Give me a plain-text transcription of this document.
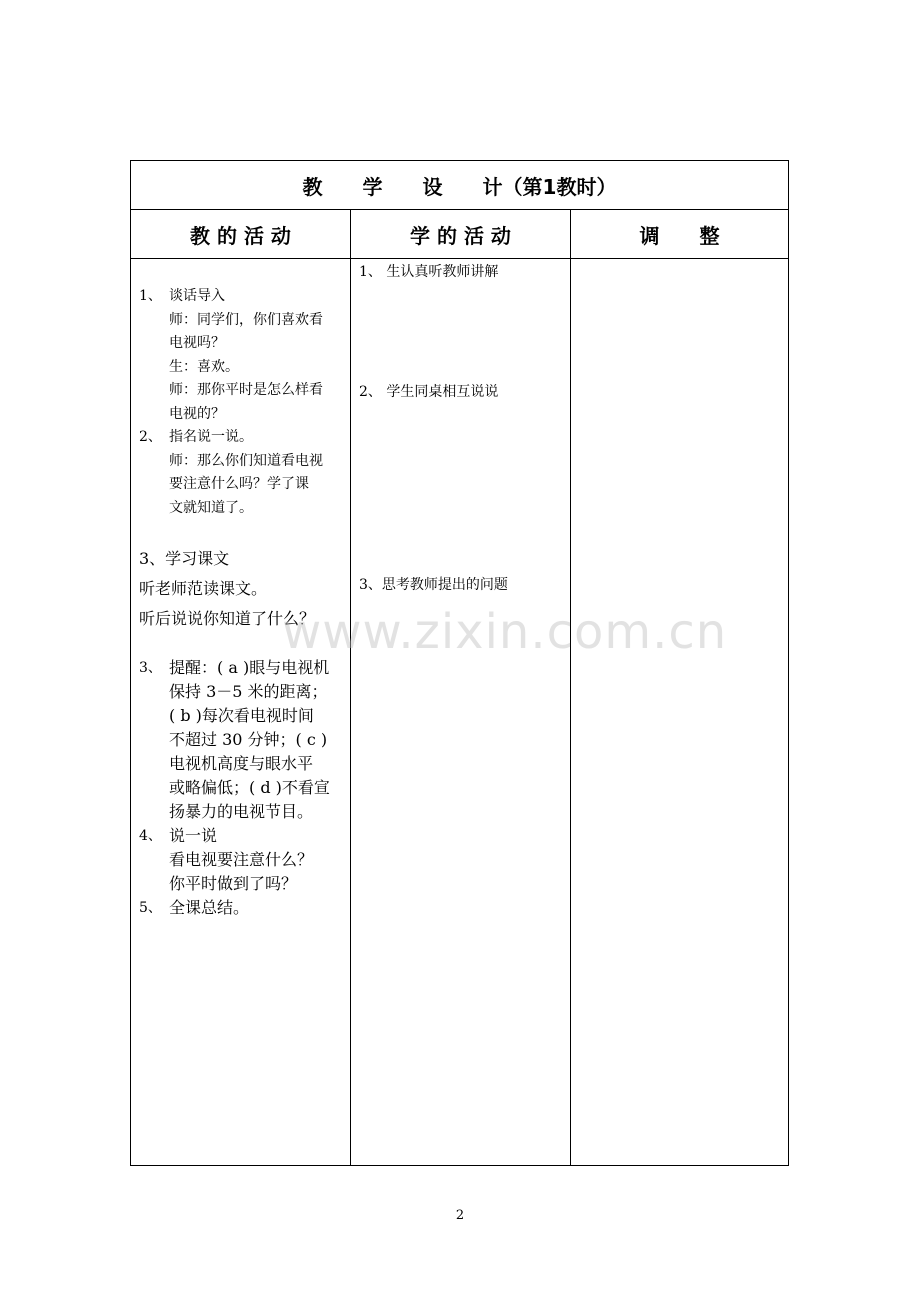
教　　学　　设　　计（第1教时）
教 的 活 动	学 的 活 动	调　　整
1、 谈话导入
师：同学们，你们喜欢看
电视吗？
生：喜欢。
师：那你平时是怎么样看
电视的？
2、 指名说一说。
师：那么你们知道看电视
要注意什么吗？学了课
文就知道了。
3、学习课文
听老师范读课文。
听后说说你知道了什么？
3、 提醒：( a )眼与电视机
保持 3－5 米的距离；
( b )每次看电视时间
不超过 30 分钟；( c )
电视机高度与眼水平
或略偏低；( d )不看宣
扬暴力的电视节目。
4、 说一说
看电视要注意什么？
你平时做到了吗？
5、 全课总结。
1、 生认真听教师讲解
2、 学生同桌相互说说
3、思考教师提出的问题
www.zixin.com.cn
2
